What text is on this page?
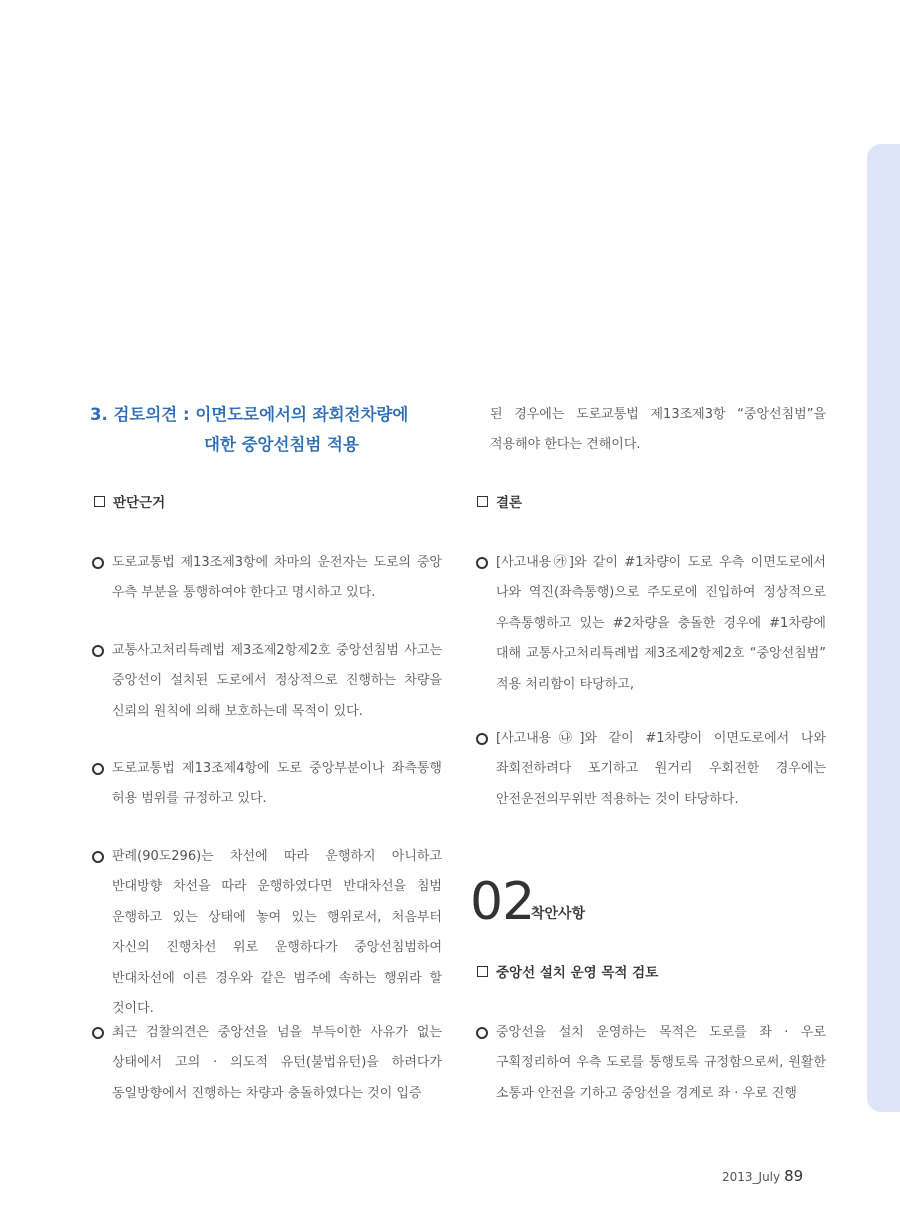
3. 검토의견 : 이면도로에서의 좌회전차량에
대한 중앙선침범 적용
판단근거
도로교통법 제13조제3항에 차마의 운전자는 도로의 중앙 우측 부분을 통행하여야 한다고 명시하고 있다.
교통사고처리특례법 제3조제2항제2호 중앙선침범 사고는 중앙선이 설치된 도로에서 정상적으로 진행하는 차량을 신뢰의 원칙에 의해 보호하는데 목적이 있다.
도로교통법 제13조제4항에 도로 중앙부분이나 좌측통행 허용 범위를 규정하고 있다.
판례(90도296)는 차선에 따라 운행하지 아니하고 반대방향 차선을 따라 운행하였다면 반대차선을 침범 운행하고 있는 상태에 놓여 있는 행위로서, 처음부터 자신의 진행차선 위로 운행하다가 중앙선침범하여 반대차선에 이른 경우와 같은 범주에 속하는 행위라 할 것이다.
최근 검찰의견은 중앙선을 넘을 부득이한 사유가 없는 상태에서 고의 · 의도적 유턴(불법유턴)을 하려다가 동일방향에서 진행하는 차량과 충돌하였다는 것이 입증
된 경우에는 도로교통법 제13조제3항 “중앙선침범”을 적용해야 한다는 견해이다.
결론
[사고내용㉮]와 같이 #1차량이 도로 우측 이면도로에서 나와 역진(좌측통행)으로 주도로에 진입하여 정상적으로 우측통행하고 있는 #2차량을 충돌한 경우에 #1차량에 대해 교통사고처리특례법 제3조제2항제2호 “중앙선침범” 적용 처리함이 타당하고,
[사고내용㉯]와 같이 #1차량이 이면도로에서 나와 좌회전하려다 포기하고 원거리 우회전한 경우에는 안전운전의무위반 적용하는 것이 타당하다.
02
착안사항
중앙선 설치 운영 목적 검토
중앙선을 설치 운영하는 목적은 도로를 좌 · 우로 구획정리하여 우측 도로를 통행토록 규정함으로써, 원활한 소통과 안전을 기하고 중앙선을 경계로 좌 · 우로 진행
2013_July 89
